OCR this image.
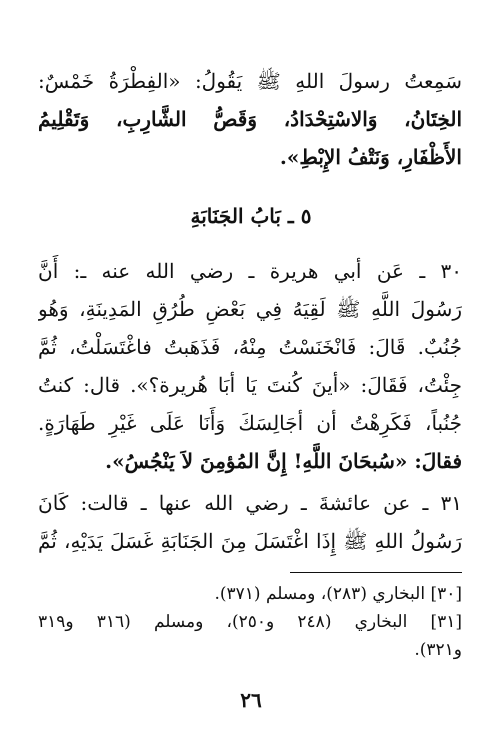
سَمِعتُ رسولَ اللهِ ﷺ يَقُولُ: «الفِطْرَةُ خَمْسٌ:
الخِتَانُ، وَالاسْتِحْدَادُ، وَقَصُّ الشَّارِبِ، وَتَقْلِيمُ
الأَظْفَارِ، وَنَتْفُ الإِبْطِ».
٥ ـ بَابُ الجَنَابَةِ
٣٠ ـ عَن أبي هريرة ـ رضي الله عنه ـ: أَنَّ
رَسُولَ اللَّهِ ﷺ لَقِيَهُ فِي بَعْضِ طُرُقِ المَدِينَةِ، وَهُو
جُنُبٌ. قَالَ: فَانْخَنَسْتُ مِنْهُ، فَذَهَبتُ فاغْتَسَلْتُ، ثُمَّ
جِئْتُ، فَقَالَ: «أينَ كُنتَ يَا أبَا هُريرة؟». قال: كنتُ
جُنُباً، فَكَرِهْتُ أن أجَالِسَكَ وَأَنَا عَلَى غَيْرِ طَهَارَةٍ.
فقالَ: «سُبحَانَ اللَّهِ! إِنَّ المُؤمِنَ لاَ يَنْجُسُ».
٣١ ـ عن عائشةَ ـ رضي الله عنها ـ قالت: كَانَ
رَسُولُ اللهِ ﷺ إِذَا اغْتَسَلَ مِنَ الجَنَابَةِ غَسَلَ يَدَيْهِ، ثُمَّ
[٣٠] البخاري (٢٨٣)، ومسلم (٣٧١).
[٣١] البخاري (٢٤٨ و٢٥٠)، ومسلم (٣١٦ و٣١٩
و٣٢١).
٢٦
